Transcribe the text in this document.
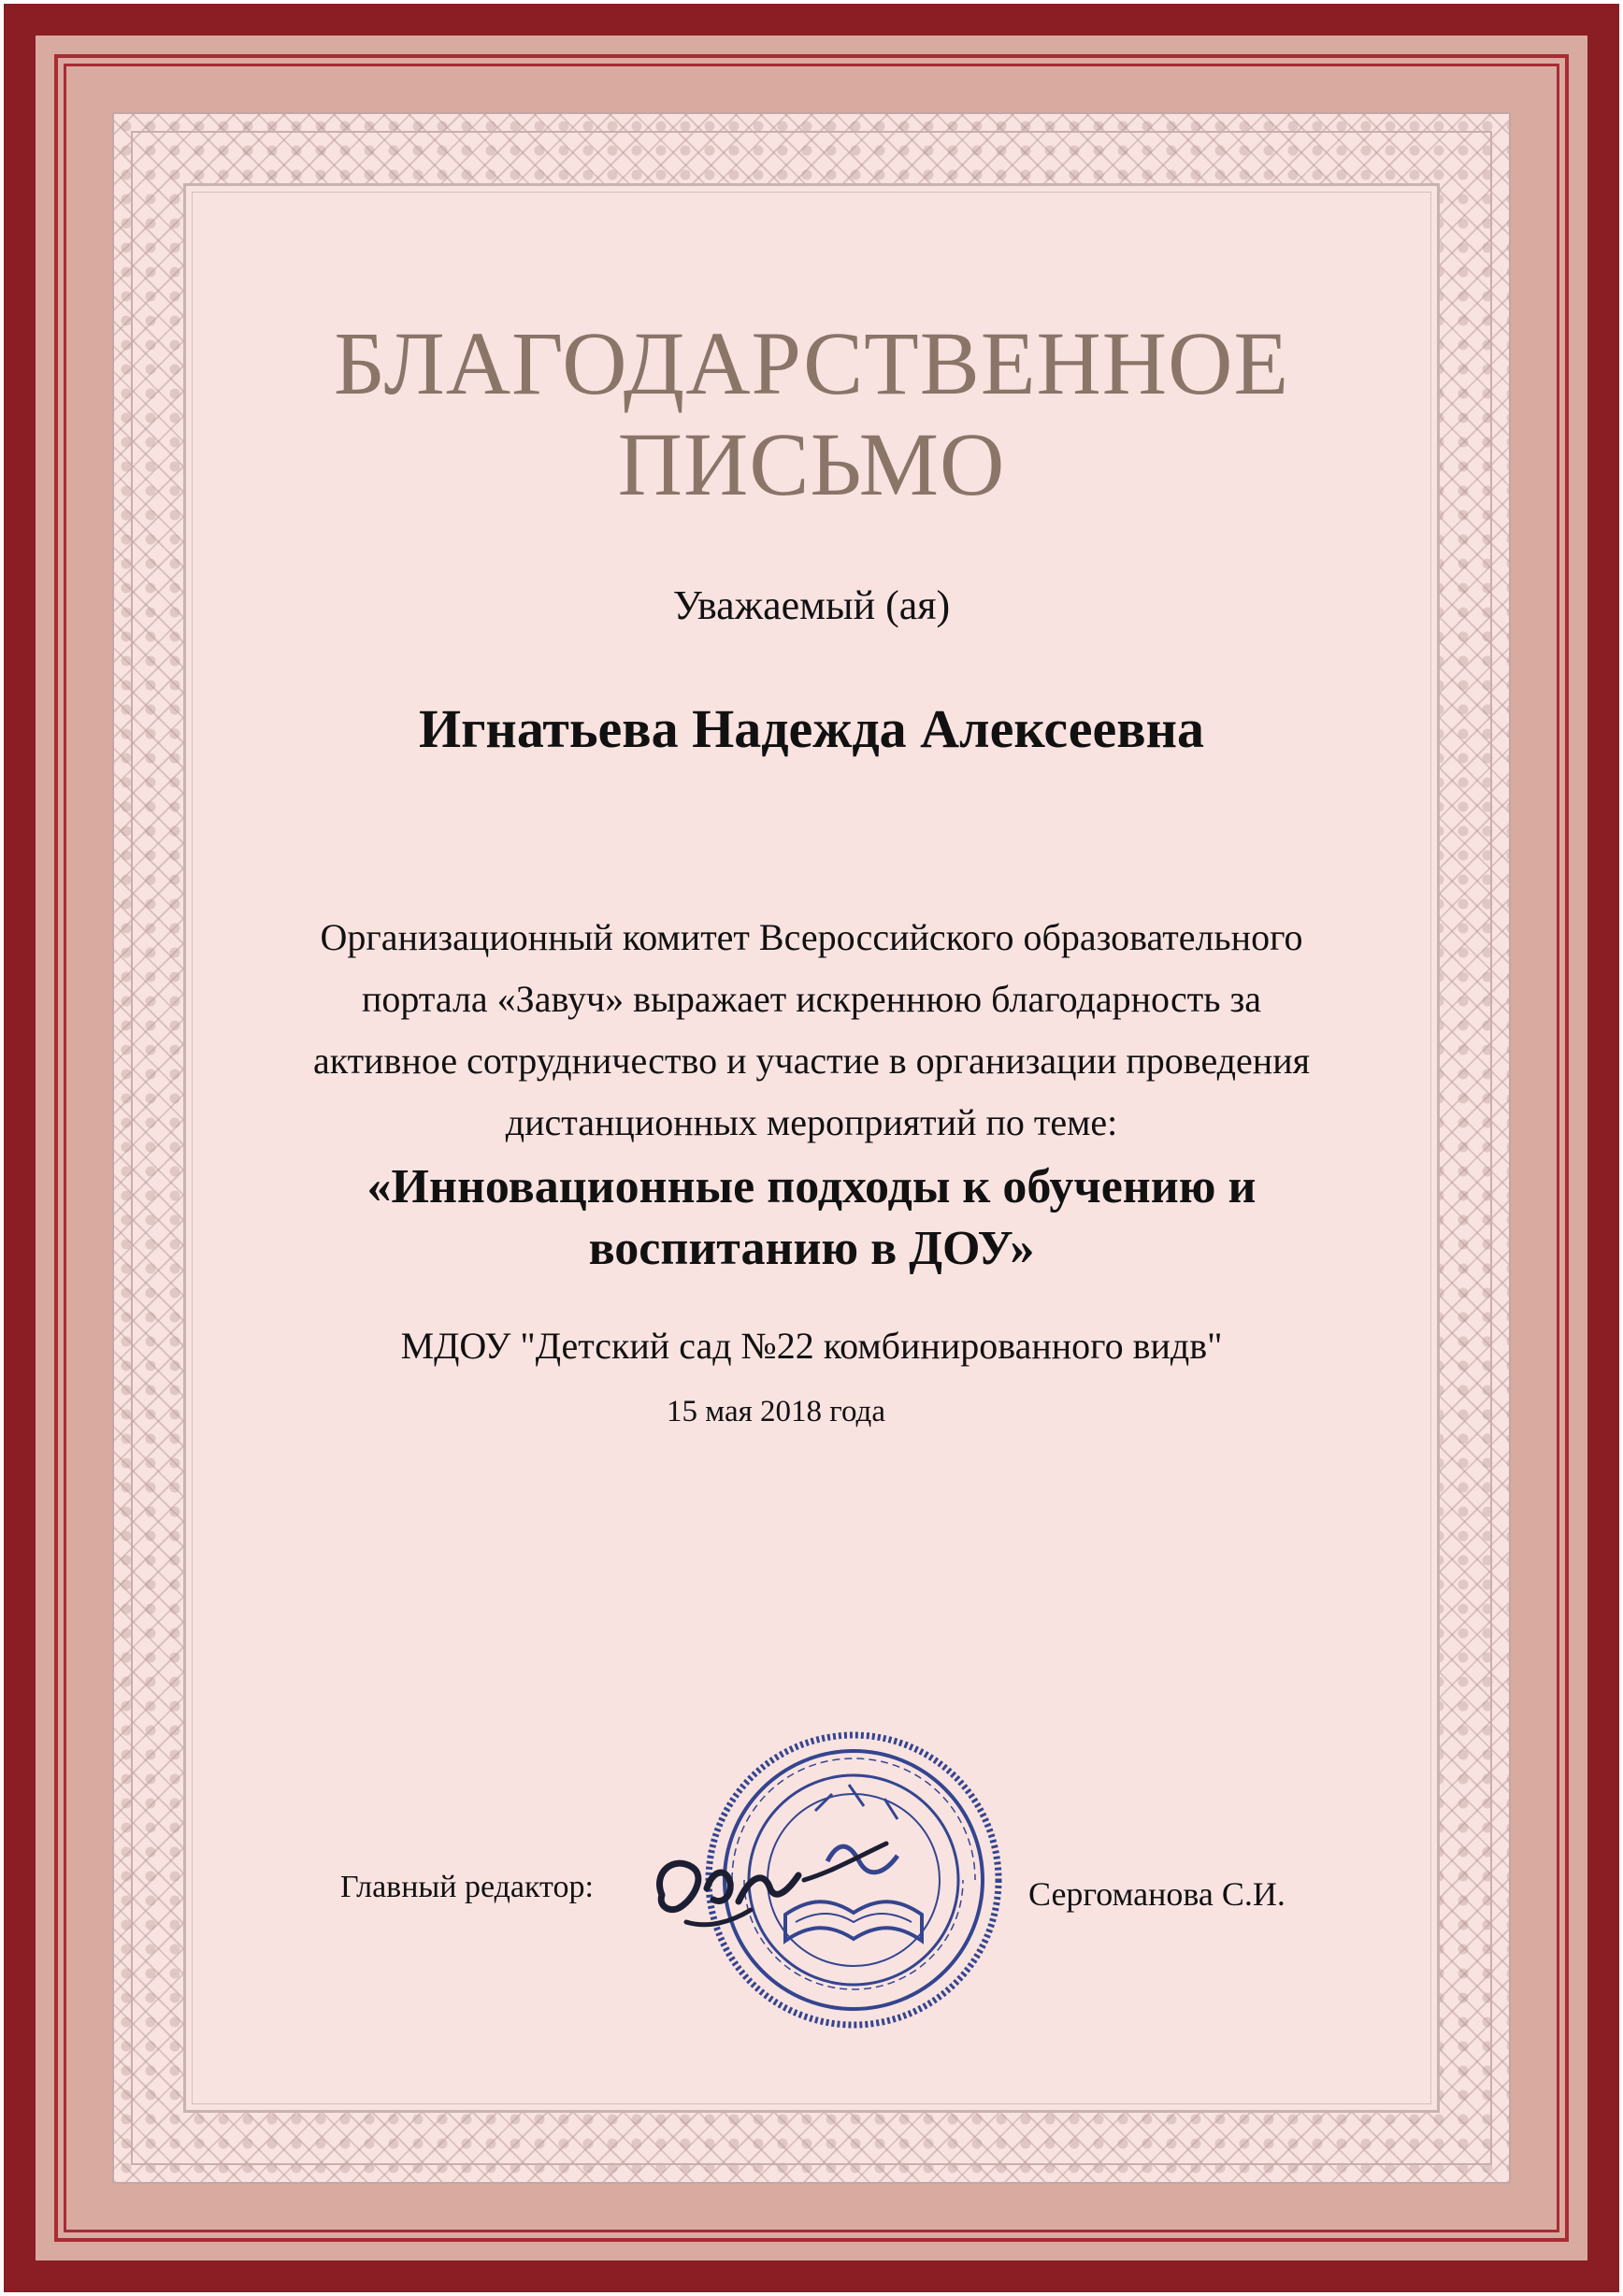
БЛАГОДАРСТВЕННОЕ
ПИСЬМО
Уважаемый (ая)
Игнатьева Надежда Алексеевна
Организационный комитет Всероссийского образовательного
портала «Завуч» выражает искреннюю благодарность за
активное сотрудничество и участие в организации проведения
дистанционных мероприятий по теме:
«Инновационные подходы к обучению и
воспитанию в ДОУ»
МДОУ "Детский сад №22 комбинированного видв"
15 мая 2018 года
Главный редактор:	Сергоманова С.И.
